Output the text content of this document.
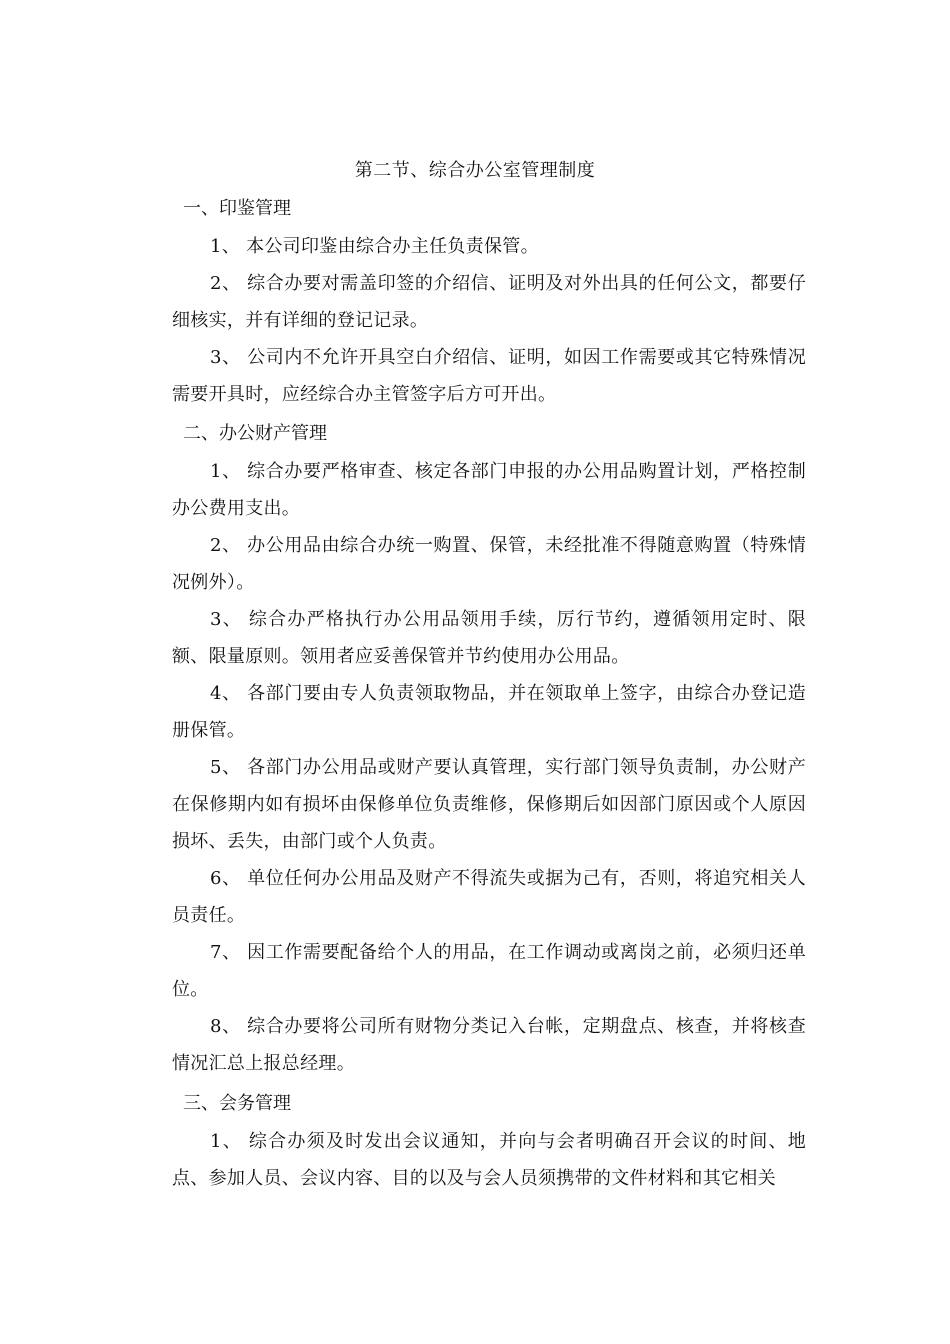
第二节、综合办公室管理制度
一、印鉴管理
1、 本公司印鉴由综合办主任负责保管。
2、 综合办要对需盖印签的介绍信、证明及对外出具的任何公文，都要仔细核实，并有详细的登记记录。
3、 公司内不允许开具空白介绍信、证明，如因工作需要或其它特殊情况需要开具时，应经综合办主管签字后方可开出。
二、办公财产管理
1、 综合办要严格审查、核定各部门申报的办公用品购置计划，严格控制办公费用支出。
2、 办公用品由综合办统一购置、保管，未经批准不得随意购置（特殊情况例外）。
3、 综合办严格执行办公用品领用手续，厉行节约，遵循领用定时、限额、限量原则。领用者应妥善保管并节约使用办公用品。
4、 各部门要由专人负责领取物品，并在领取单上签字，由综合办登记造册保管。
5、 各部门办公用品或财产要认真管理，实行部门领导负责制，办公财产在保修期内如有损坏由保修单位负责维修，保修期后如因部门原因或个人原因损坏、丢失，由部门或个人负责。
6、 单位任何办公用品及财产不得流失或据为己有，否则，将追究相关人员责任。
7、 因工作需要配备给个人的用品，在工作调动或离岗之前，必须归还单位。
8、 综合办要将公司所有财物分类记入台帐，定期盘点、核查，并将核查情况汇总上报总经理。
三、会务管理
1、 综合办须及时发出会议通知，并向与会者明确召开会议的时间、地点、参加人员、会议内容、目的以及与会人员须携带的文件材料和其它相关
